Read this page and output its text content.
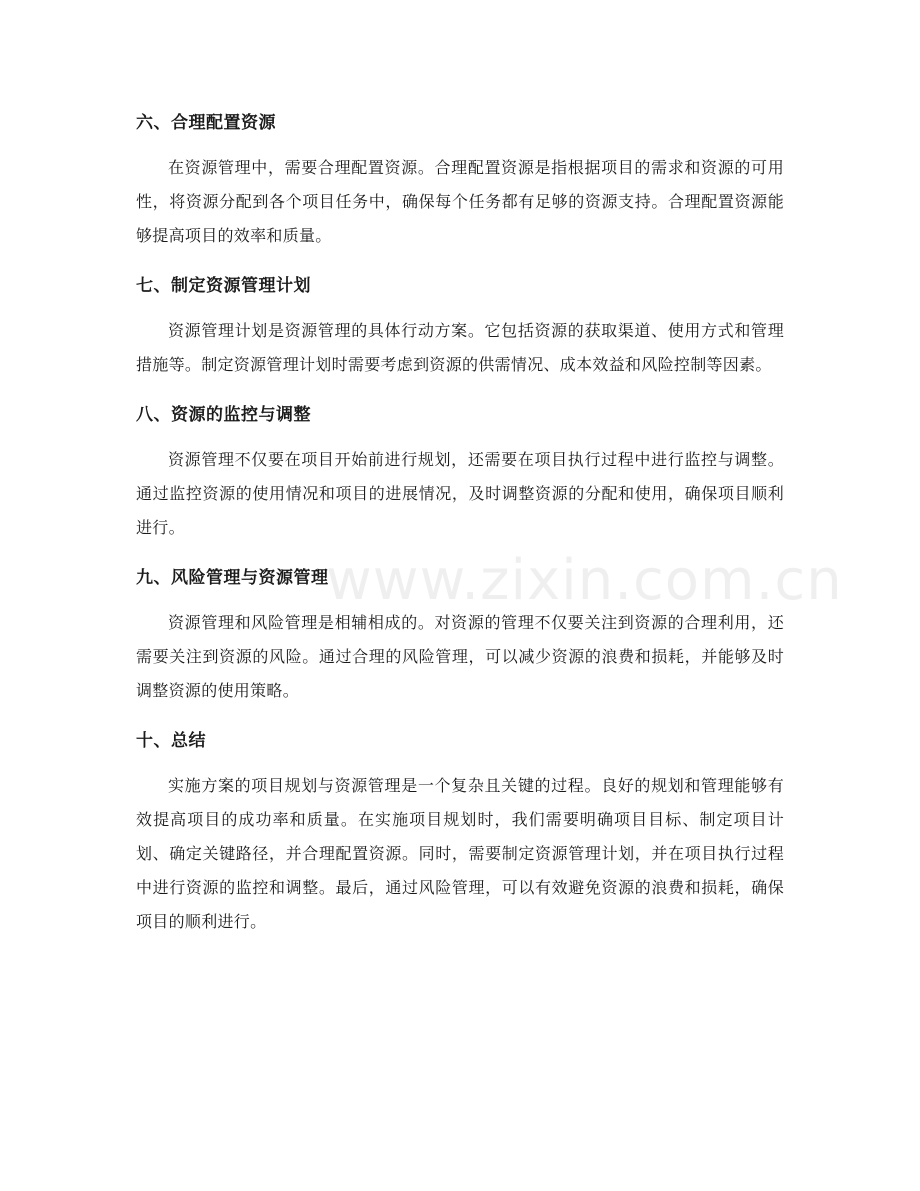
六、合理配置资源

在资源管理中，需要合理配置资源。合理配置资源是指根据项目的需求和资源的可用性，将资源分配到各个项目任务中，确保每个任务都有足够的资源支持。合理配置资源能够提高项目的效率和质量。

七、制定资源管理计划

资源管理计划是资源管理的具体行动方案。它包括资源的获取渠道、使用方式和管理措施等。制定资源管理计划时需要考虑到资源的供需情况、成本效益和风险控制等因素。

八、资源的监控与调整

资源管理不仅要在项目开始前进行规划，还需要在项目执行过程中进行监控与调整。通过监控资源的使用情况和项目的进展情况，及时调整资源的分配和使用，确保项目顺利进行。

九、风险管理与资源管理

资源管理和风险管理是相辅相成的。对资源的管理不仅要关注到资源的合理利用，还需要关注到资源的风险。通过合理的风险管理，可以减少资源的浪费和损耗，并能够及时调整资源的使用策略。

十、总结

实施方案的项目规划与资源管理是一个复杂且关键的过程。良好的规划和管理能够有效提高项目的成功率和质量。在实施项目规划时，我们需要明确项目目标、制定项目计划、确定关键路径，并合理配置资源。同时，需要制定资源管理计划，并在项目执行过程中进行资源的监控和调整。最后，通过风险管理，可以有效避免资源的浪费和损耗，确保项目的顺利进行。

www.zixin.com.cn
